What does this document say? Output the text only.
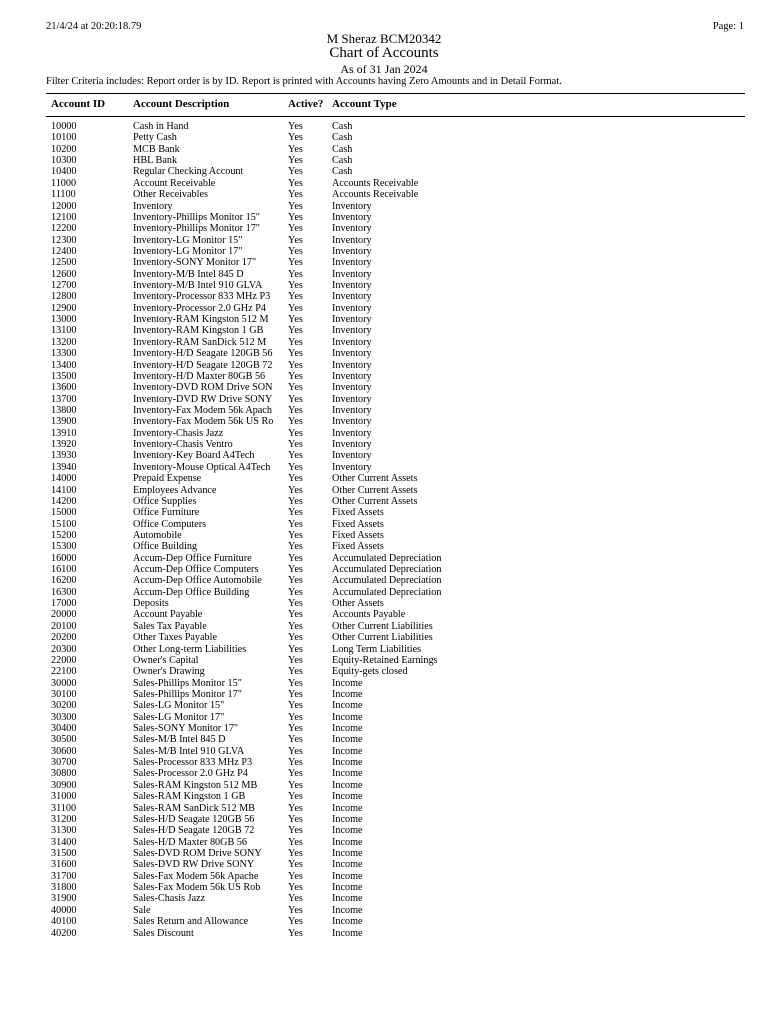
21/4/24 at 20:20:18.79	Page: 1
M Sheraz BCM20342
Chart of Accounts
As of 31 Jan 2024
Filter Criteria includes: Report order is by ID. Report is printed with Accounts having Zero Amounts and in Detail Format.
Account ID	Account Description	Active? Account Type
10000	Cash in Hand	Yes	Cash
10100	Petty Cash	Yes	Cash
10200	MCB Bank	Yes	Cash
10300	HBL Bank	Yes	Cash
10400	Regular Checking Account	Yes	Cash
11000	Account Receivable	Yes	Accounts Receivable
11100	Other Receivables	Yes	Accounts Receivable
12000	Inventory	Yes	Inventory
12100	Inventory-Phillips Monitor 15"	Yes	Inventory
12200	Inventory-Phillips Monitor 17"	Yes	Inventory
12300	Inventory-LG Monitor 15"	Yes	Inventory
12400	Inventory-LG Monitor 17"	Yes	Inventory
12500	Inventory-SONY Monitor 17"	Yes	Inventory
12600	Inventory-M/B Intel 845 D	Yes	Inventory
12700	Inventory-M/B Intel 910 GLVA	Yes	Inventory
12800	Inventory-Processor 833 MHz P3	Yes	Inventory
12900	Inventory-Processor 2.0 GHz P4	Yes	Inventory
13000	Inventory-RAM Kingston 512 M	Yes	Inventory
13100	Inventory-RAM Kingston 1 GB	Yes	Inventory
13200	Inventory-RAM SanDick 512 M	Yes	Inventory
13300	Inventory-H/D Seagate 120GB 56	Yes	Inventory
13400	Inventory-H/D Seagate 120GB 72	Yes	Inventory
13500	Inventory-H/D Maxter 80GB 56	Yes	Inventory
13600	Inventory-DVD ROM Drive SON	Yes	Inventory
13700	Inventory-DVD RW Drive SONY	Yes	Inventory
13800	Inventory-Fax Modem 56k Apach	Yes	Inventory
13900	Inventory-Fax Modem 56k US Ro	Yes	Inventory
13910	Inventory-Chasis Jazz	Yes	Inventory
13920	Inventory-Chasis Ventro	Yes	Inventory
13930	Inventory-Key Board A4Tech	Yes	Inventory
13940	Inventory-Mouse Optical A4Tech	Yes	Inventory
14000	Prepaid Expense	Yes	Other Current Assets
14100	Employees Advance	Yes	Other Current Assets
14200	Office Supplies	Yes	Other Current Assets
15000	Office Furniture	Yes	Fixed Assets
15100	Office Computers	Yes	Fixed Assets
15200	Automobile	Yes	Fixed Assets
15300	Office Building	Yes	Fixed Assets
16000	Accum-Dep Office Furniture	Yes	Accumulated Depreciation
16100	Accum-Dep Office Computers	Yes	Accumulated Depreciation
16200	Accum-Dep Office Automobile	Yes	Accumulated Depreciation
16300	Accum-Dep Office Building	Yes	Accumulated Depreciation
17000	Deposits	Yes	Other Assets
20000	Account Payable	Yes	Accounts Payable
20100	Sales Tax Payable	Yes	Other Current Liabilities
20200	Other Taxes Payable	Yes	Other Current Liabilities
20300	Other Long-term Liabilities	Yes	Long Term Liabilities
22000	Owner's Capital	Yes	Equity-Retained Earnings
22100	Owner's Drawing	Yes	Equity-gets closed
30000	Sales-Phillips Monitor 15"	Yes	Income
30100	Sales-Phillips Monitor 17"	Yes	Income
30200	Sales-LG Monitor 15"	Yes	Income
30300	Sales-LG Monitor 17"	Yes	Income
30400	Sales-SONY Monitor 17"	Yes	Income
30500	Sales-M/B Intel 845 D	Yes	Income
30600	Sales-M/B Intel 910 GLVA	Yes	Income
30700	Sales-Processor 833 MHz P3	Yes	Income
30800	Sales-Processor 2.0 GHz P4	Yes	Income
30900	Sales-RAM Kingston 512 MB	Yes	Income
31000	Sales-RAM Kingston 1 GB	Yes	Income
31100	Sales-RAM SanDick 512 MB	Yes	Income
31200	Sales-H/D Seagate 120GB 56	Yes	Income
31300	Sales-H/D Seagate 120GB 72	Yes	Income
31400	Sales-H/D Maxter 80GB 56	Yes	Income
31500	Sales-DVD ROM Drive SONY	Yes	Income
31600	Sales-DVD RW Drive SONY	Yes	Income
31700	Sales-Fax Modem 56k Apache	Yes	Income
31800	Sales-Fax Modem 56k US Rob	Yes	Income
31900	Sales-Chasis Jazz	Yes	Income
40000	Sale	Yes	Income
40100	Sales Return and Allowance	Yes	Income
40200	Sales Discount	Yes	Income
